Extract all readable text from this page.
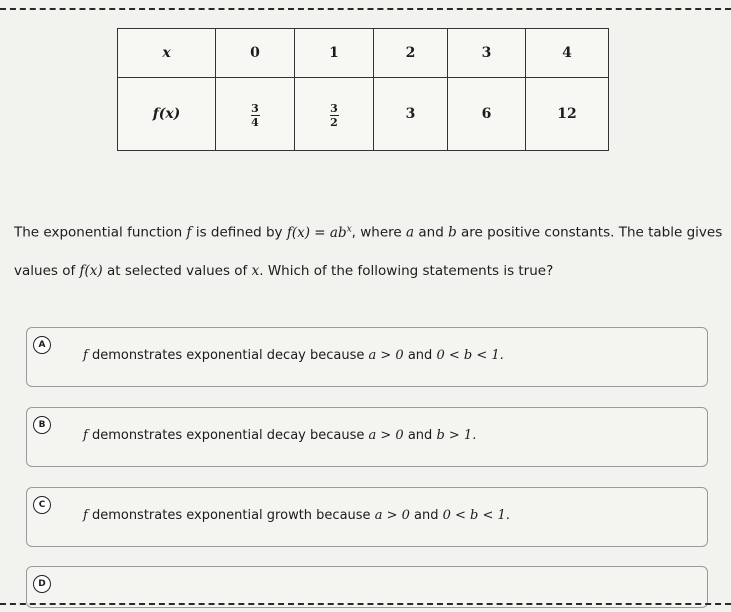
x	0	1	2	3	4
f(x)	$\frac{3}{4}$	$\frac{3}{2}$	3	6	12
The exponential function f is defined by $f(x) = ab^x$, where a and b are positive constants. The table gives
values of f(x) at selected values of x. Which of the following statements is true?
A
f demonstrates exponential decay because a > 0 and 0 < b < 1.
B
f demonstrates exponential decay because a > 0 and b > 1.
C
f demonstrates exponential growth because a > 0 and 0 < b < 1.
D
